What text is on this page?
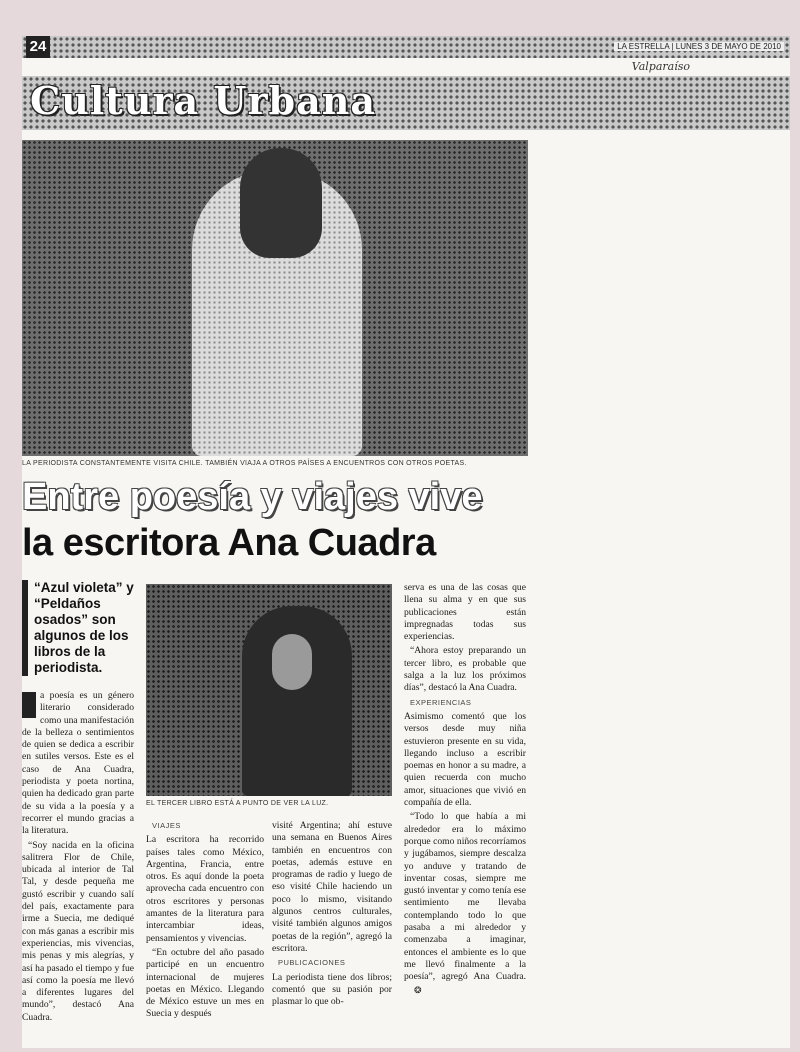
24	LA ESTRELLA | LUNES 3 DE MAYO DE 2010
Valparaíso
Cultura Urbana
LA PERIODISTA CONSTANTEMENTE VISITA CHILE. TAMBIÉN VIAJA A OTROS PAÍSES A ENCUENTROS CON OTROS POETAS.
Entre poesía y viajes vive
la escritora Ana Cuadra
“Azul violeta” y “Peldaños osados” son algunos de los libros de la periodista.
EL TERCER LIBRO ESTÁ A PUNTO DE VER LA LUZ.

a poesía es un género literario considerado como una manifestación de la belleza o sentimientos de quien se dedica a escribir en sutiles versos. Este es el caso de Ana Cuadra, periodista y poeta nortina, quien ha dedicado gran parte de su vida a la poesía y a recorrer el mundo gracias a la literatura.

“Soy nacida en la oficina salitrera Flor de Chile, ubicada al interior de Tal Tal, y desde pequeña me gustó escribir y cuando salí del país, exactamente para irme a Suecia, me dediqué con más ganas a escribir mis experiencias, mis vivencias, mis penas y mis alegrías, y así ha pasado el tiempo y fue así como la poesía me llevó a diferentes lugares del mundo”, destacó Ana Cuadra.

VIAJES

La escritora ha recorrido países tales como México, Argentina, Francia, entre otros. Es aquí donde la poeta aprovecha cada encuentro con otros escritores y personas amantes de la literatura para intercambiar ideas, pensamientos y vivencias.

“En octubre del año pasado participé en un encuentro internacional de mujeres poetas en México. Llegando de México estuve un mes en Suecia y después

visité Argentina; ahí estuve una semana en Buenos Aires también en encuentros con poetas, además estuve en programas de radio y luego de eso visité Chile haciendo un poco lo mismo, visitando algunos centros culturales, visité también algunos amigos poetas de la región”, agregó la escritora.

PUBLICACIONES

La periodista tiene dos libros; comentó que su pasión por plasmar lo que ob-

serva es una de las cosas que llena su alma y en que sus publicaciones están impregnadas todas sus experiencias.

“Ahora estoy preparando un tercer libro, es probable que salga a la luz los próximos días”, destacó la Ana Cuadra.

EXPERIENCIAS

Asimismo comentó que los versos desde muy niña estuvieron presente en su vida, llegando incluso a escribir poemas en honor a su madre, a quien recuerda con mucho amor, situaciones que vivió en compañía de ella.

“Todo lo que había a mi alrededor era lo máximo porque como niños recorríamos y jugábamos, siempre descalza yo anduve y tratando de inventar cosas, siempre me gustó inventar y como tenía ese sentimiento me llevaba contemplando todo lo que pasaba a mi alrededor y comenzaba a imaginar, entonces el ambiente es lo que me llevó finalmente a la poesía”, agregó Ana Cuadra.❂
